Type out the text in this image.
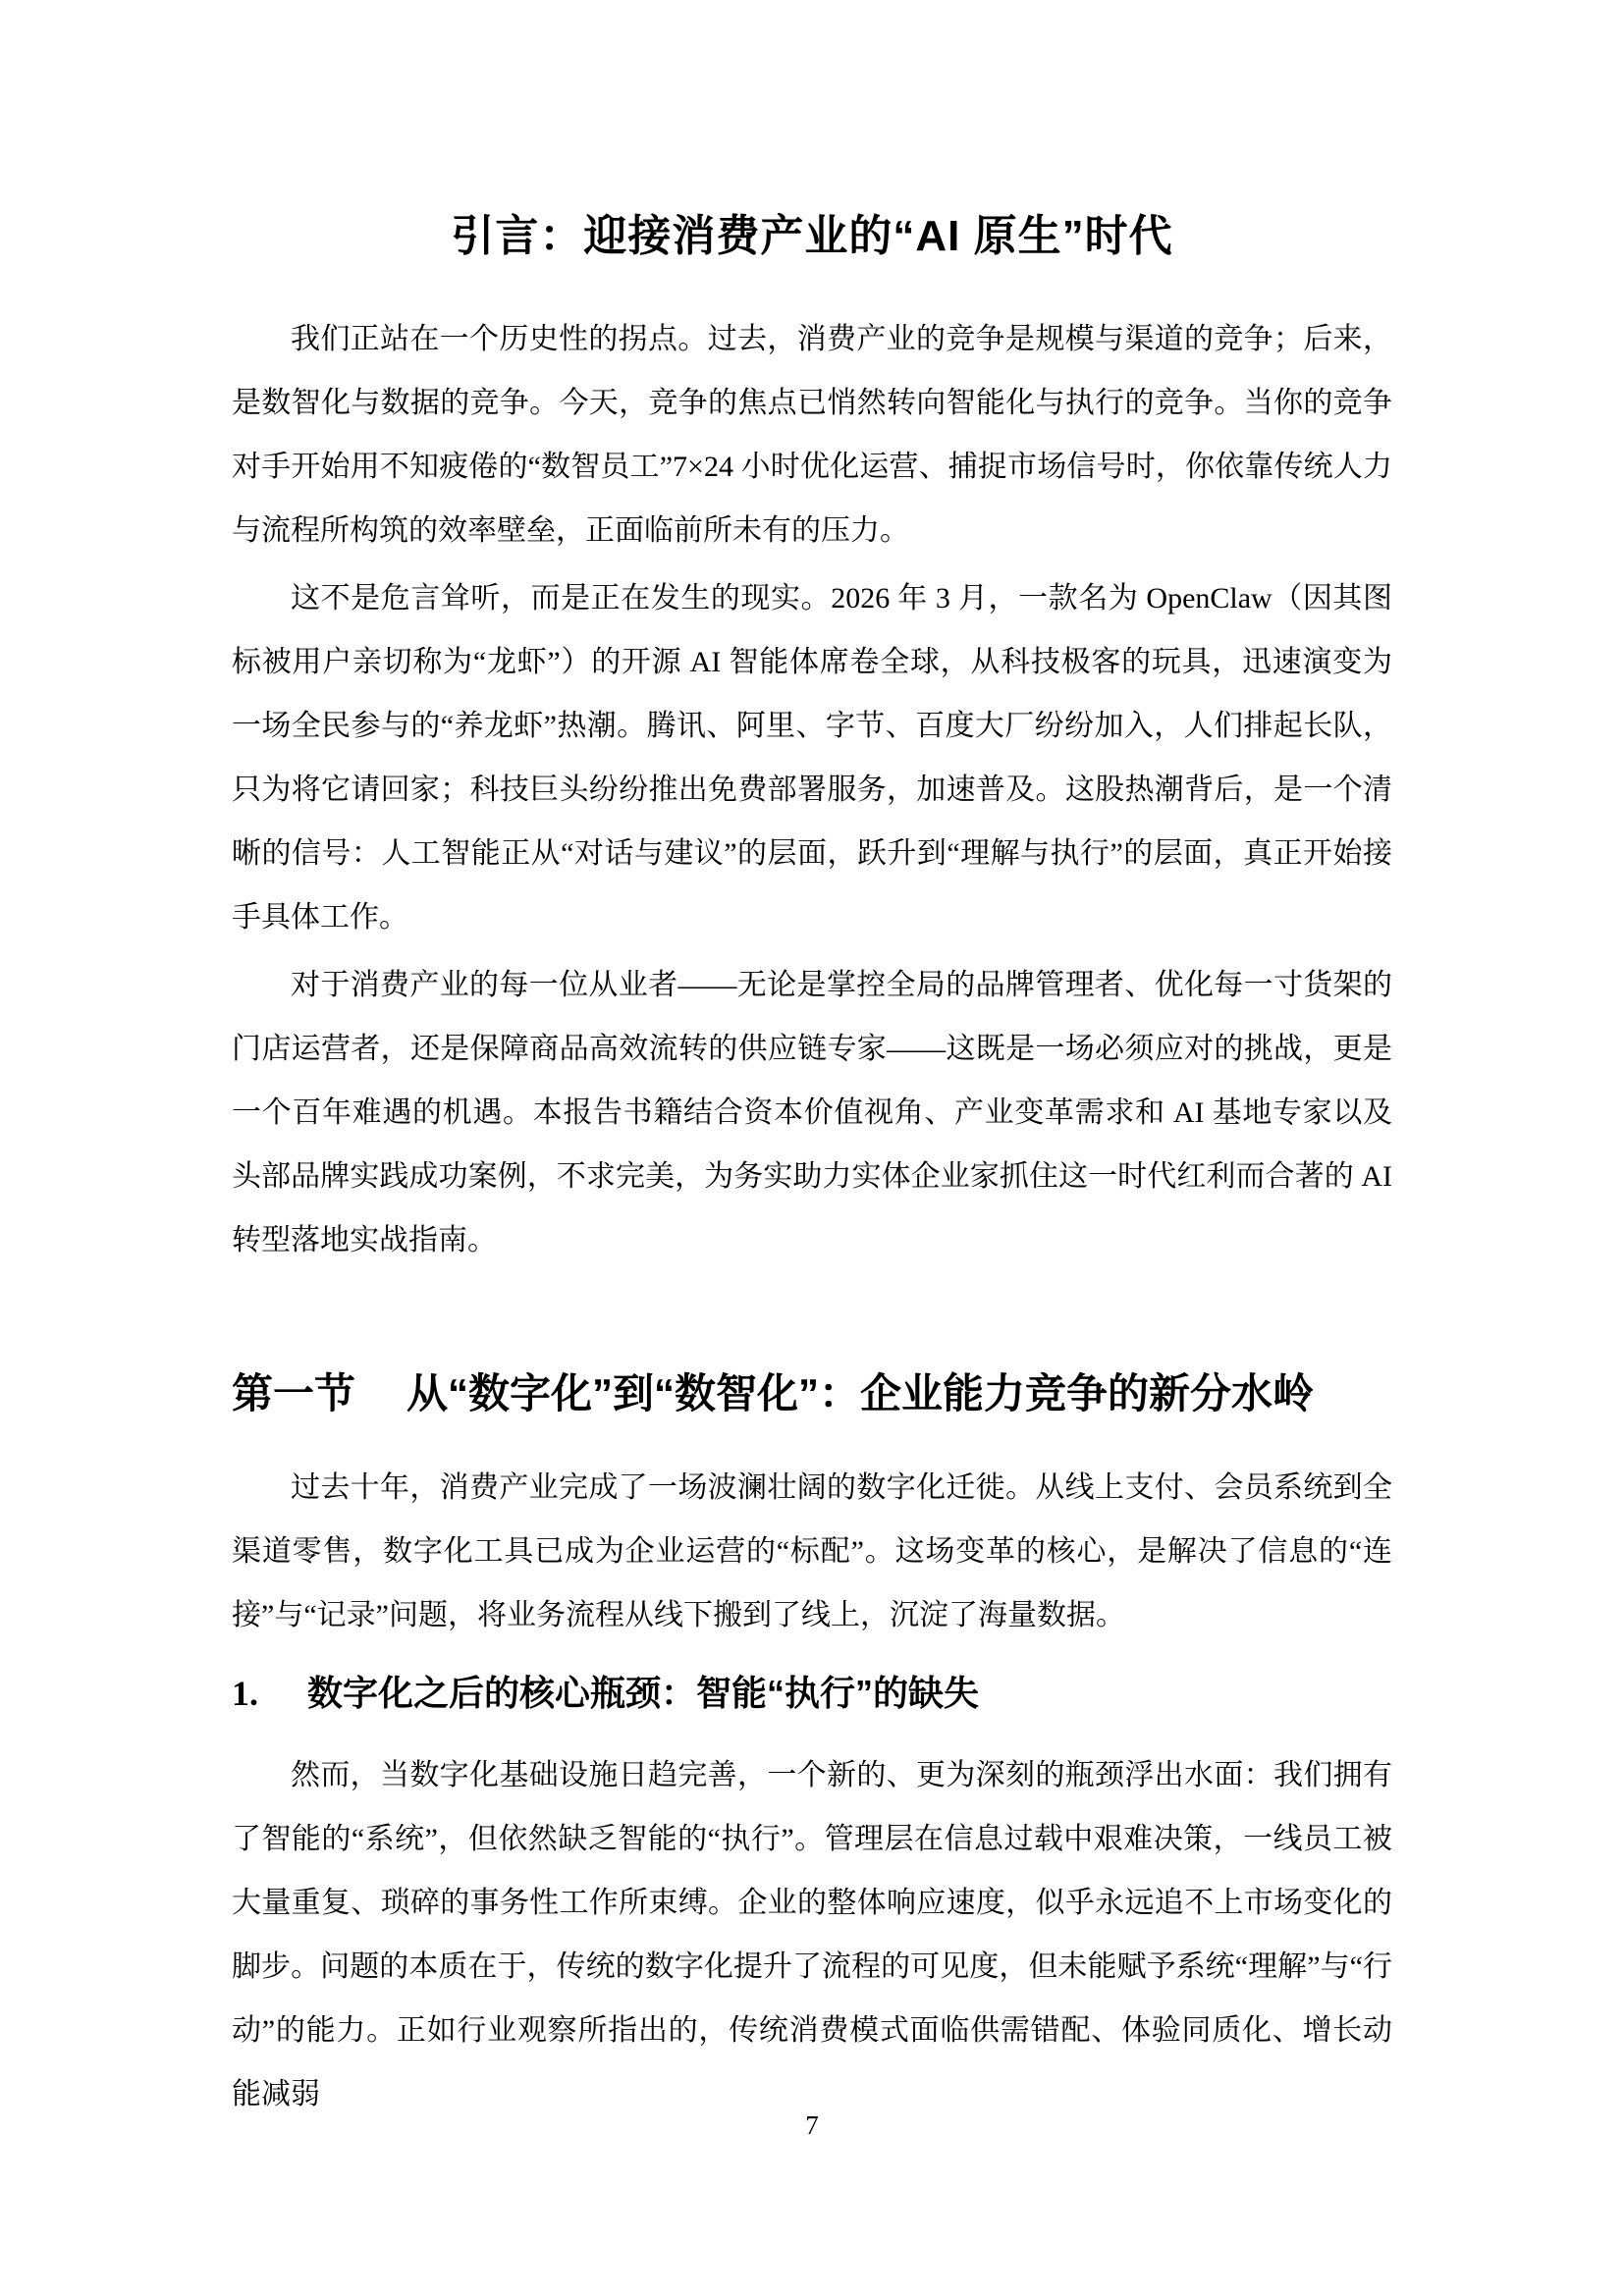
引言：迎接消费产业的“AI 原生”时代

我们正站在一个历史性的拐点。过去，消费产业的竞争是规模与渠道的竞争；后来，是数智化与数据的竞争。今天，竞争的焦点已悄然转向智能化与执行的竞争。当你的竞争对手开始用不知疲倦的“数智员工”7×24 小时优化运营、捕捉市场信号时，你依靠传统人力与流程所构筑的效率壁垒，正面临前所未有的压力。

这不是危言耸听，而是正在发生的现实。2026 年 3 月，一款名为 OpenClaw（因其图标被用户亲切称为“龙虾”）的开源 AI 智能体席卷全球，从科技极客的玩具，迅速演变为一场全民参与的“养龙虾”热潮。腾讯、阿里、字节、百度大厂纷纷加入，人们排起长队，只为将它请回家；科技巨头纷纷推出免费部署服务，加速普及。这股热潮背后，是一个清晰的信号：人工智能正从“对话与建议”的层面，跃升到“理解与执行”的层面，真正开始接手具体工作。

对于消费产业的每一位从业者——无论是掌控全局的品牌管理者、优化每一寸货架的门店运营者，还是保障商品高效流转的供应链专家——这既是一场必须应对的挑战，更是一个百年难遇的机遇。本报告书籍结合资本价值视角、产业变革需求和 AI 基地专家以及头部品牌实践成功案例，不求完美，为务实助力实体企业家抓住这一时代红利而合著的 AI 转型落地实战指南。

第一节 从“数字化”到“数智化”：企业能力竞争的新分水岭

过去十年，消费产业完成了一场波澜壮阔的数字化迁徙。从线上支付、会员系统到全渠道零售，数字化工具已成为企业运营的“标配”。这场变革的核心，是解决了信息的“连接”与“记录”问题，将业务流程从线下搬到了线上，沉淀了海量数据。

1. 数字化之后的核心瓶颈：智能“执行”的缺失

然而，当数字化基础设施日趋完善，一个新的、更为深刻的瓶颈浮出水面：我们拥有了智能的“系统”，但依然缺乏智能的“执行”。管理层在信息过载中艰难决策，一线员工被大量重复、琐碎的事务性工作所束缚。企业的整体响应速度，似乎永远追不上市场变化的脚步。问题的本质在于，传统的数字化提升了流程的可见度，但未能赋予系统“理解”与“行动”的能力。正如行业观察所指出的，传统消费模式面临供需错配、体验同质化、增长动能减弱

7
